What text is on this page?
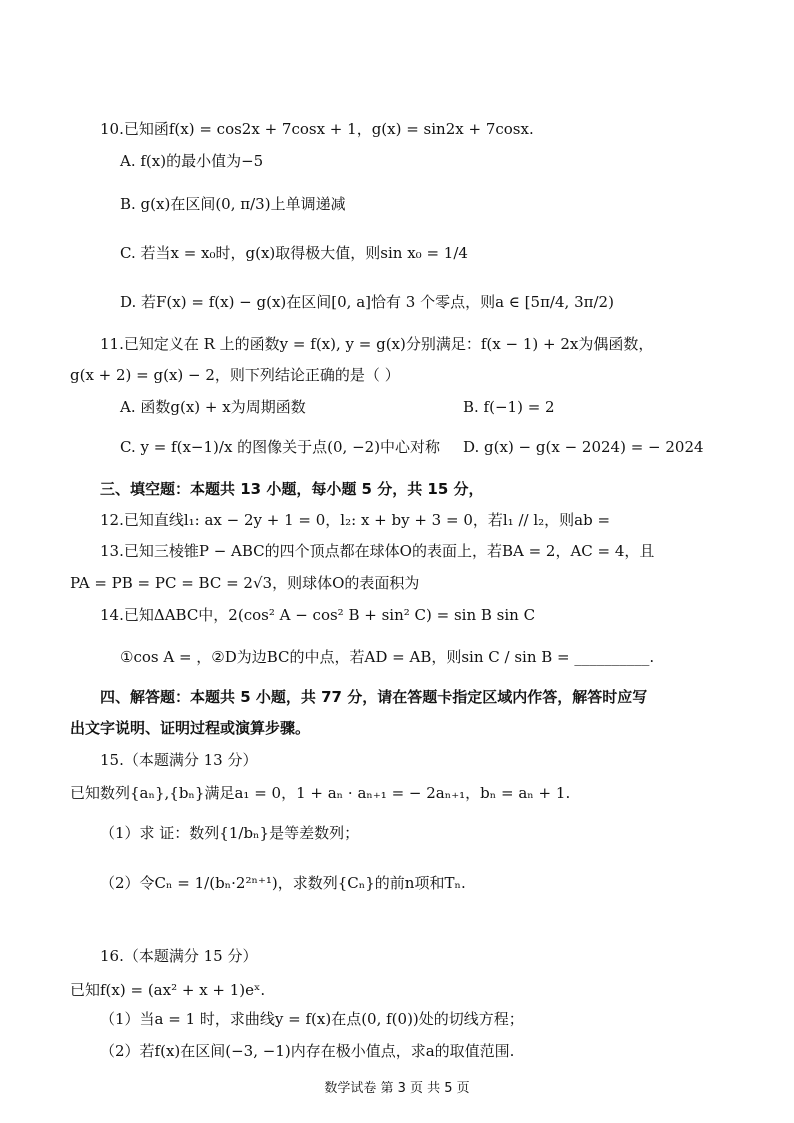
10.已知函f(x) = cos2x + 7cosx + 1，g(x) = sin2x + 7cosx.
A. f(x)的最小值为−5
B. g(x)在区间(0, π/3)上单调递减
C. 若当x = x₀时，g(x)取得极大值，则sin x₀ = 1/4
D. 若F(x) = f(x) − g(x)在区间[0, a]恰有 3 个零点，则a ∈ [5π/4, 3π/2)
11.已知定义在 R 上的函数y = f(x), y = g(x)分别满足：f(x − 1) + 2x为偶函数，
g(x + 2) = g(x) − 2，则下列结论正确的是（ ）
A. 函数g(x) + x为周期函数	B. f(−1) = 2
C. y = f(x−1)/x 的图像关于点(0, −2)中心对称 D. g(x) − g(x − 2024) = − 2024
三、填空题：本题共 13 小题，每小题 5 分，共 15 分，
12.已知直线l₁: ax − 2y + 1 = 0，l₂: x + by + 3 = 0，若l₁ // l₂，则ab =
13.已知三棱锥P − ABC的四个顶点都在球体O的表面上，若BA = 2，AC = 4，且
PA = PB = PC = BC = 2√3，则球体O的表面积为
14.已知ΔABC中，2(cos² A − cos² B + sin² C) = sin B sin C
①cos A = ，②D为边BC的中点，若AD = AB，则sin C / sin B = __________.
四、解答题：本题共 5 小题，共 77 分，请在答题卡指定区域内作答，解答时应写
出文字说明、证明过程或演算步骤。
15.（本题满分 13 分）
已知数列{aₙ},{bₙ}满足a₁ = 0，1 + aₙ · aₙ₊₁ = − 2aₙ₊₁，bₙ = aₙ + 1.
（1）求 证：数列{1/bₙ}是等差数列；
（2）令Cₙ = 1/(bₙ·2²ⁿ⁺¹)，求数列{Cₙ}的前n项和Tₙ.
16.（本题满分 15 分）
已知f(x) = (ax² + x + 1)eˣ.
（1）当a = 1 时，求曲线y = f(x)在点(0, f(0))处的切线方程；
（2）若f(x)在区间(−3, −1)内存在极小值点，求a的取值范围.
数学试卷 第 3 页 共 5 页
